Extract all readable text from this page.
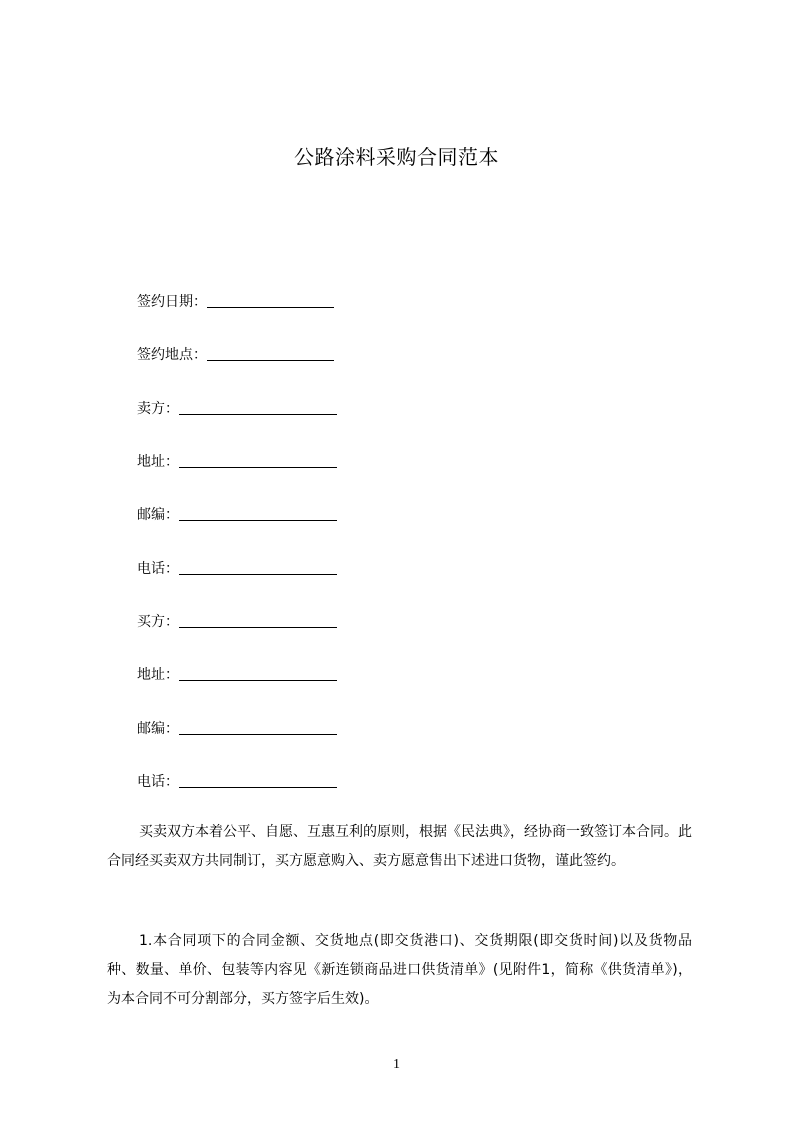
公路涂料采购合同范本
签约日期：
签约地点：
卖方：
地址：
邮编：
电话：
买方：
地址：
邮编：
电话：

买卖双方本着公平、自愿、互惠互利的原则，根据《民法典》，经协商一致签订本合同。此合同经买卖双方共同制订，买方愿意购入、卖方愿意售出下述进口货物，谨此签约。

1.本合同项下的合同金额、交货地点(即交货港口)、交货期限(即交货时间)以及货物品种、数量、单价、包装等内容见《新连锁商品进口供货清单》(见附件1，简称《供货清单》)，为本合同不可分割部分，买方签字后生效)。

1
